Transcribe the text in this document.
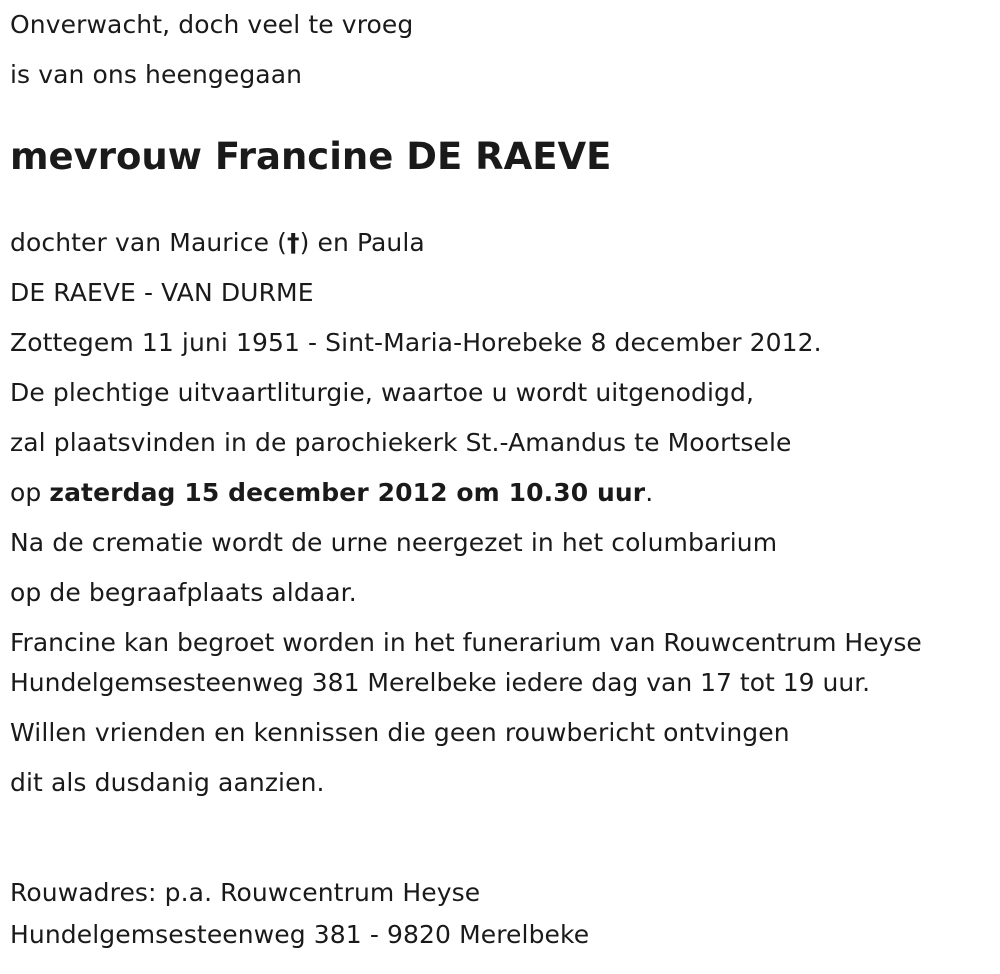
Onverwacht, doch veel te vroeg
is van ons heengegaan
mevrouw Francine DE RAEVE
dochter van Maurice (†) en Paula
DE RAEVE - VAN DURME
Zottegem 11 juni 1951 - Sint-Maria-Horebeke 8 december 2012.
De plechtige uitvaartliturgie, waartoe u wordt uitgenodigd,
zal plaatsvinden in de parochiekerk St.-Amandus te Moortsele
op zaterdag 15 december 2012 om 10.30 uur.
Na de crematie wordt de urne neergezet in het columbarium
op de begraafplaats aldaar.
Francine kan begroet worden in het funerarium van Rouwcentrum Heyse Hundelgemsesteenweg 381 Merelbeke iedere dag van 17 tot 19 uur.
Willen vrienden en kennissen die geen rouwbericht ontvingen
dit als dusdanig aanzien.
Rouwadres: p.a. Rouwcentrum Heyse
Hundelgemsesteenweg 381 - 9820 Merelbeke
